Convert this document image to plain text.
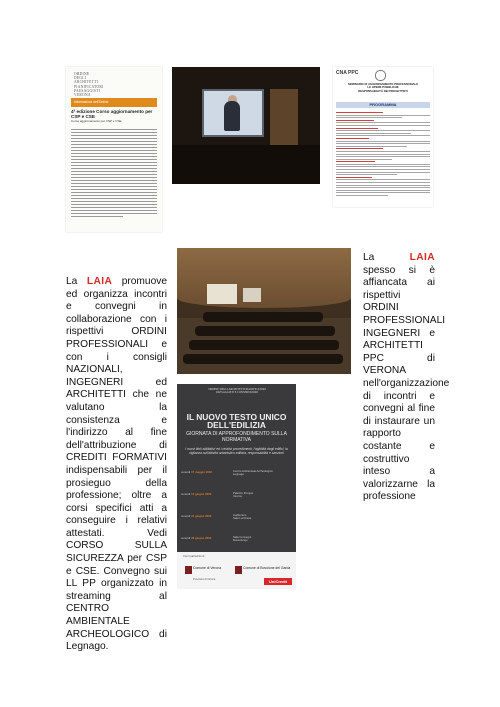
ORDINE
DEGLI
ARCHITETTI
PIANIFICATORI
PAESAGGISTI
VERONA
Informazione dell'Ordine
4ª edizione Corso aggiornamento per CSP e CSE
Corso aggiornamento per CSP e CSE
CNA PPC
SEMINARIO DI AGGIORNAMENTO PROFESSIONALE
LE OPERE PUBBLICHE
RESPONSABILITÀ DEI PROGETTISTI
PROGRAMMA
La LAIA promuove ed organizza incontri e convegni in collaborazione con i rispettivi ORDINI PROFESSIONALI e con i consigli NAZIONALI, INGEGNERI ed ARCHITETTI che ne valutano la consistenza e l'indirizzo al fine dell'attribuzione di CREDITI FORMATIVI indispensabili per il prosieguo della professione; oltre a corsi specifici atti a conseguire i relativi attestati. Vedi CORSO SULLA SICUREZZA per CSP e CSE. Convegno sui LL PP organizzato in streaming al CENTRO AMBIENTALE ARCHEOLOGICO di Legnago.
La	LAIA spesso si è affiancata ai rispettivi ORDINI PROFESSIONALI INGEGNERI e ARCHITETTI PPC di VERONA nell'organizzazione di incontri e convegni al fine di instaurare un rapporto costante e costruttivo inteso a valorizzarne la professione
ORDINE DEGLI ARCHITETTI PIANIFICATORI PAESAGGISTI E CONSERVATORI
IL NUOVO TESTO UNICO DELL'EDILIZIA
GIORNATA DI APPROFONDIMENTO SULLA NORMATIVA
I nuovi titoli abilitativi ed i relativi procedimenti, l'agibilità degli edifici, la vigilanza sull'attività urbanistico-edilizia, responsabilità e sanzioni
venerdì 17 maggio 2002	Centro Ambientale Archeologico
Legnago
venerdì 14 giugno 2002	Palazzo Pompei
Verona
venerdì 21 giugno 2002	Auditorium
Sala Lucchese
venerdì 28 giugno 2002	Sala Convegni
Bussolengo
Con il patrocinio di
Comune di Verona	Comune di Bovolone del Garda
Provincia di Verona	UniCredit
